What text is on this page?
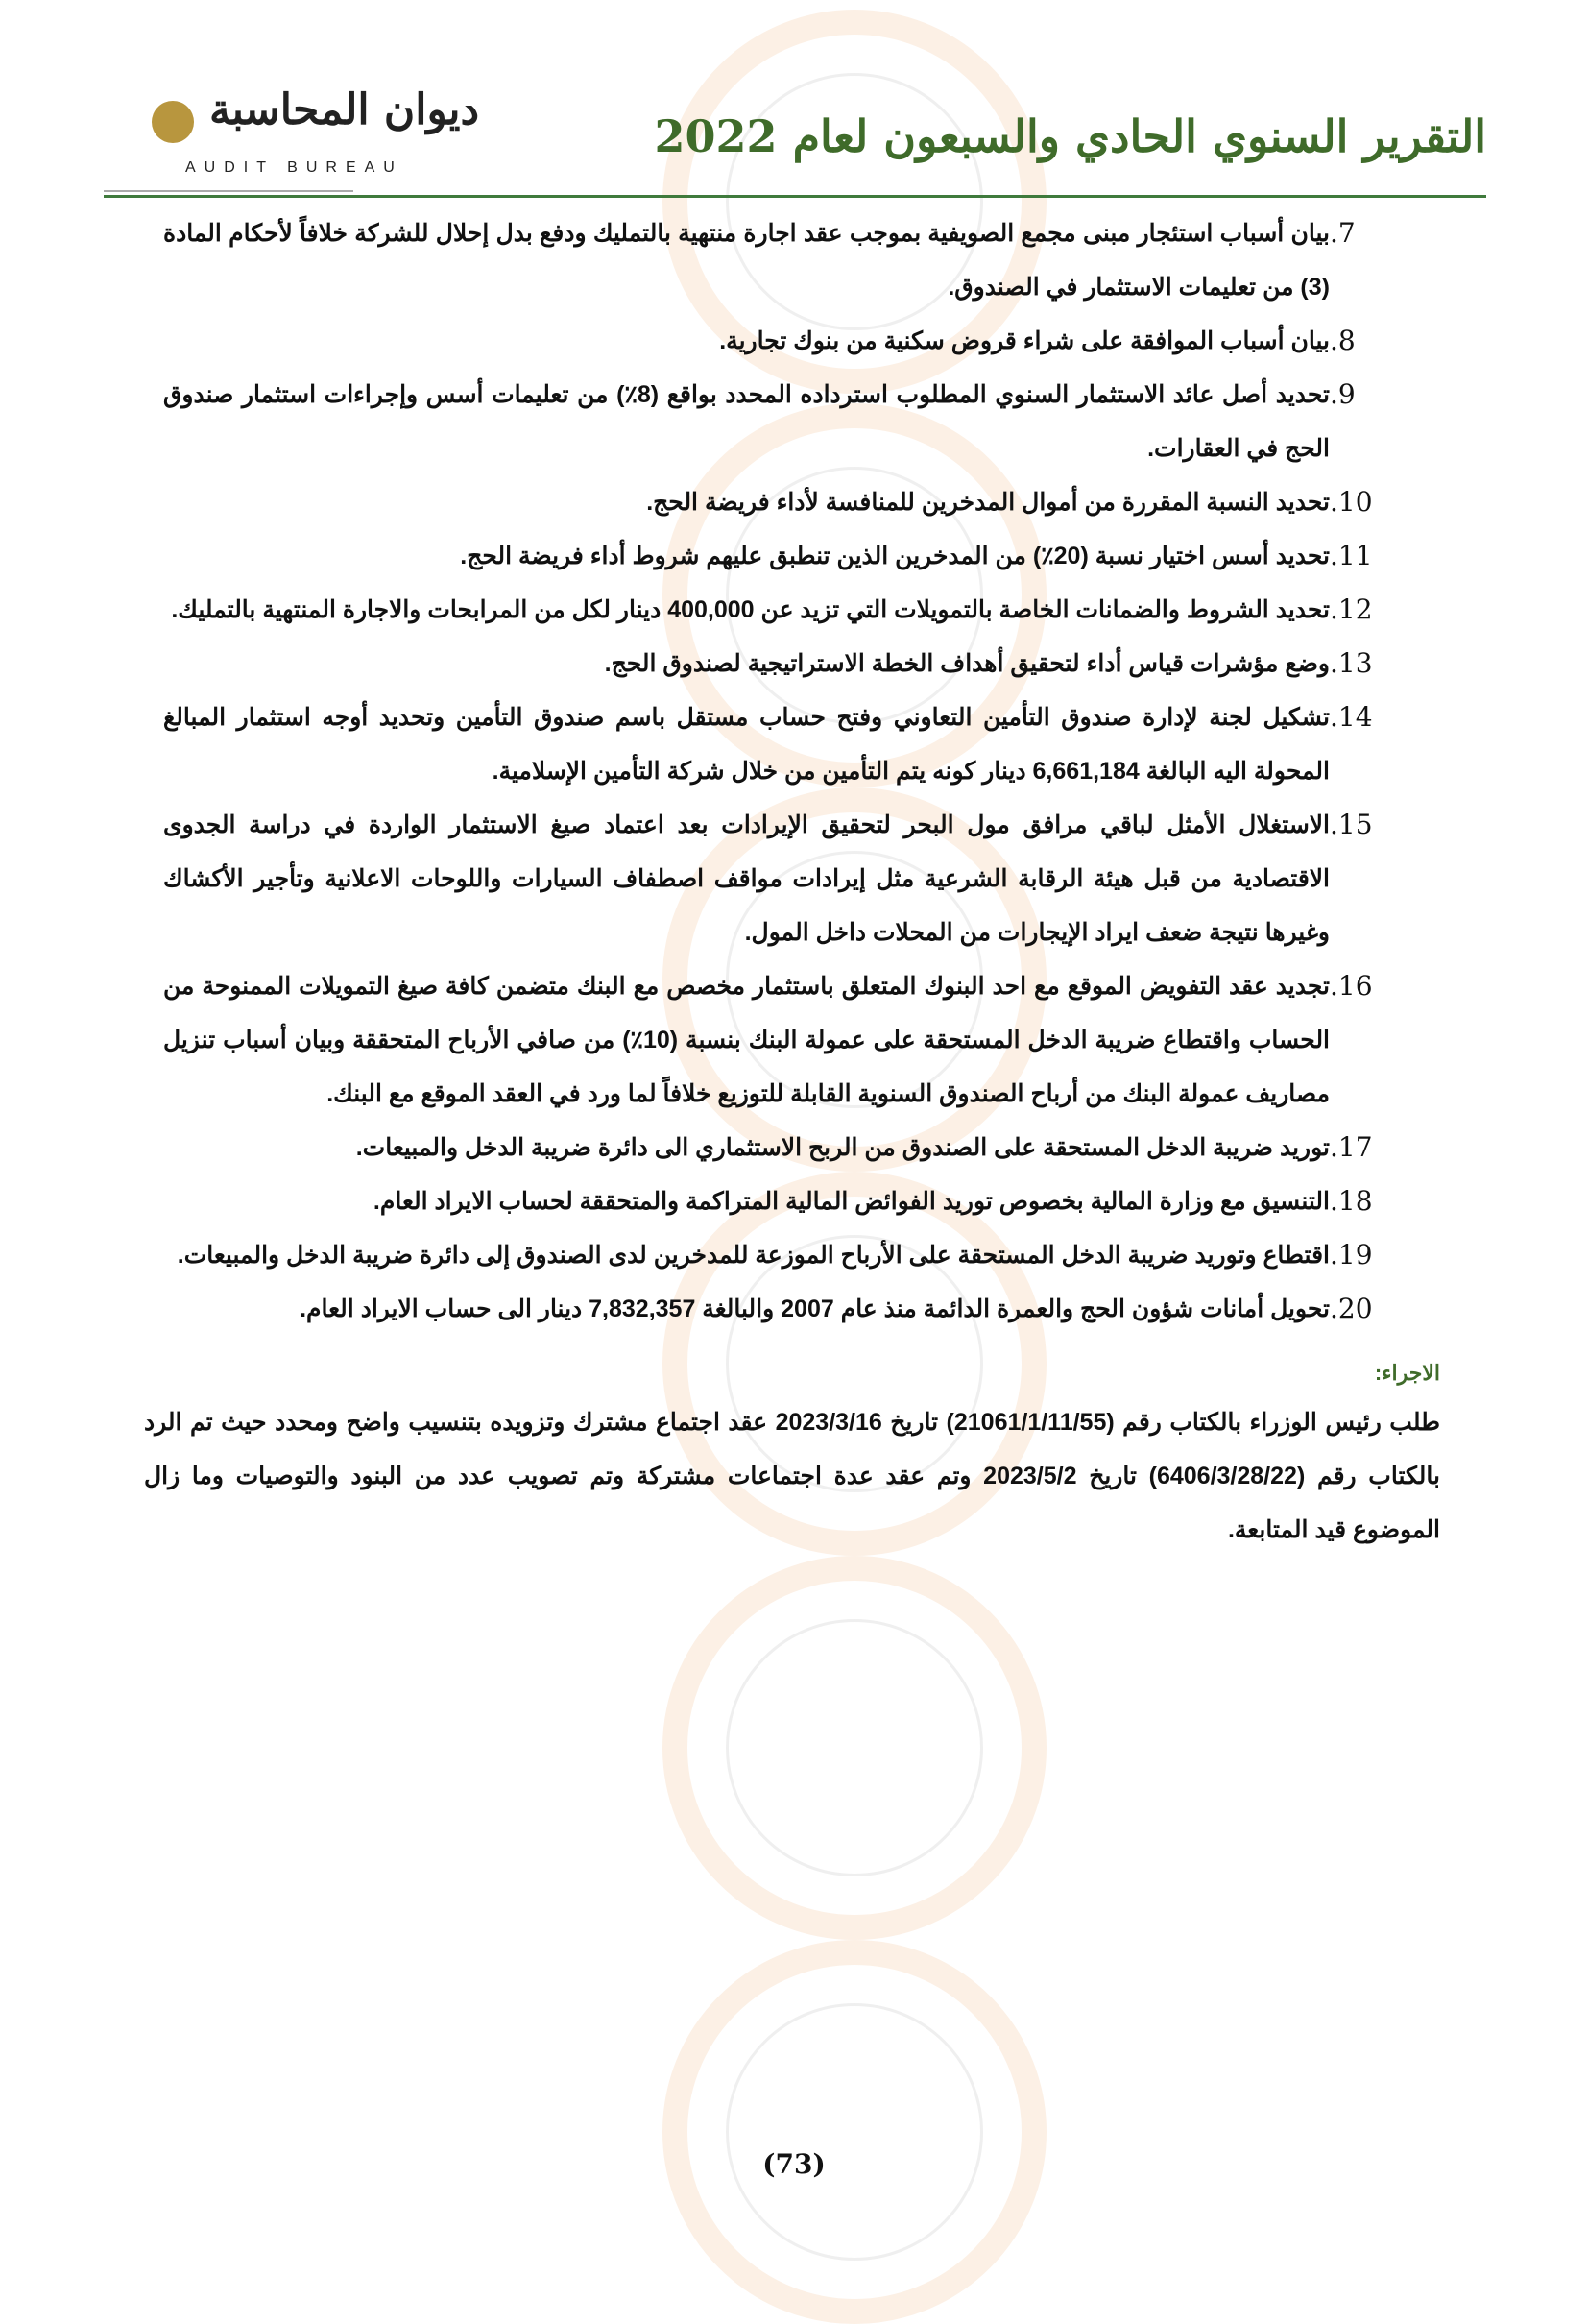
ديوان المحاسبة
AUDIT BUREAU
التقرير السنوي الحادي والسبعون لعام 2022
.7
بيان أسباب استئجار مبنى مجمع الصويفية بموجب عقد اجارة منتهية بالتمليك ودفع بدل إحلال للشركة خلافاً لأحكام المادة (3) من تعليمات الاستثمار في الصندوق.
.8
بيان أسباب الموافقة على شراء قروض سكنية من بنوك تجارية.
.9
تحديد أصل عائد الاستثمار السنوي المطلوب استرداده المحدد بواقع (8٪) من تعليمات أسس وإجراءات استثمار صندوق الحج في العقارات.
.10
تحديد النسبة المقررة من أموال المدخرين للمنافسة لأداء فريضة الحج.
.11
تحديد أسس اختيار نسبة (20٪) من المدخرين الذين تنطبق عليهم شروط أداء فريضة الحج.
.12
تحديد الشروط والضمانات الخاصة بالتمويلات التي تزيد عن 400,000 دينار لكل من المرابحات والاجارة المنتهية بالتمليك.
.13
وضع مؤشرات قياس أداء لتحقيق أهداف الخطة الاستراتيجية لصندوق الحج.
.14
تشكيل لجنة لإدارة صندوق التأمين التعاوني وفتح حساب مستقل باسم صندوق التأمين وتحديد أوجه استثمار المبالغ المحولة اليه البالغة 6,661,184 دينار كونه يتم التأمين من خلال شركة التأمين الإسلامية.
.15
الاستغلال الأمثل لباقي مرافق مول البحر لتحقيق الإيرادات بعد اعتماد صيغ الاستثمار الواردة في دراسة الجدوى الاقتصادية من قبل هيئة الرقابة الشرعية مثل إيرادات مواقف اصطفاف السيارات واللوحات الاعلانية وتأجير الأكشاك وغيرها نتيجة ضعف ايراد الإيجارات من المحلات داخل المول.
.16
تجديد عقد التفويض الموقع مع احد البنوك المتعلق باستثمار مخصص مع البنك متضمن كافة صيغ التمويلات الممنوحة من الحساب واقتطاع ضريبة الدخل المستحقة على عمولة البنك بنسبة (10٪) من صافي الأرباح المتحققة وبيان أسباب تنزيل مصاريف عمولة البنك من أرباح الصندوق السنوية القابلة للتوزيع خلافاً لما ورد في العقد الموقع مع البنك.
.17
توريد ضريبة الدخل المستحقة على الصندوق من الربح الاستثماري الى دائرة ضريبة الدخل والمبيعات.
.18
التنسيق مع وزارة المالية بخصوص توريد الفوائض المالية المتراكمة والمتحققة لحساب الايراد العام.
.19
اقتطاع وتوريد ضريبة الدخل المستحقة على الأرباح الموزعة للمدخرين لدى الصندوق إلى دائرة ضريبة الدخل والمبيعات.
.20
تحويل أمانات شؤون الحج والعمرة الدائمة منذ عام 2007 والبالغة 7,832,357 دينار الى حساب الايراد العام.
الاجراء:
طلب رئيس الوزراء بالكتاب رقم (21061/1/11/55) تاريخ 2023/3/16 عقد اجتماع مشترك وتزويده بتنسيب واضح ومحدد حيث تم الرد بالكتاب رقم (6406/3/28/22) تاريخ 2023/5/2 وتم عقد عدة اجتماعات مشتركة وتم تصويب عدد من البنود والتوصيات وما زال الموضوع قيد المتابعة.
(73)
